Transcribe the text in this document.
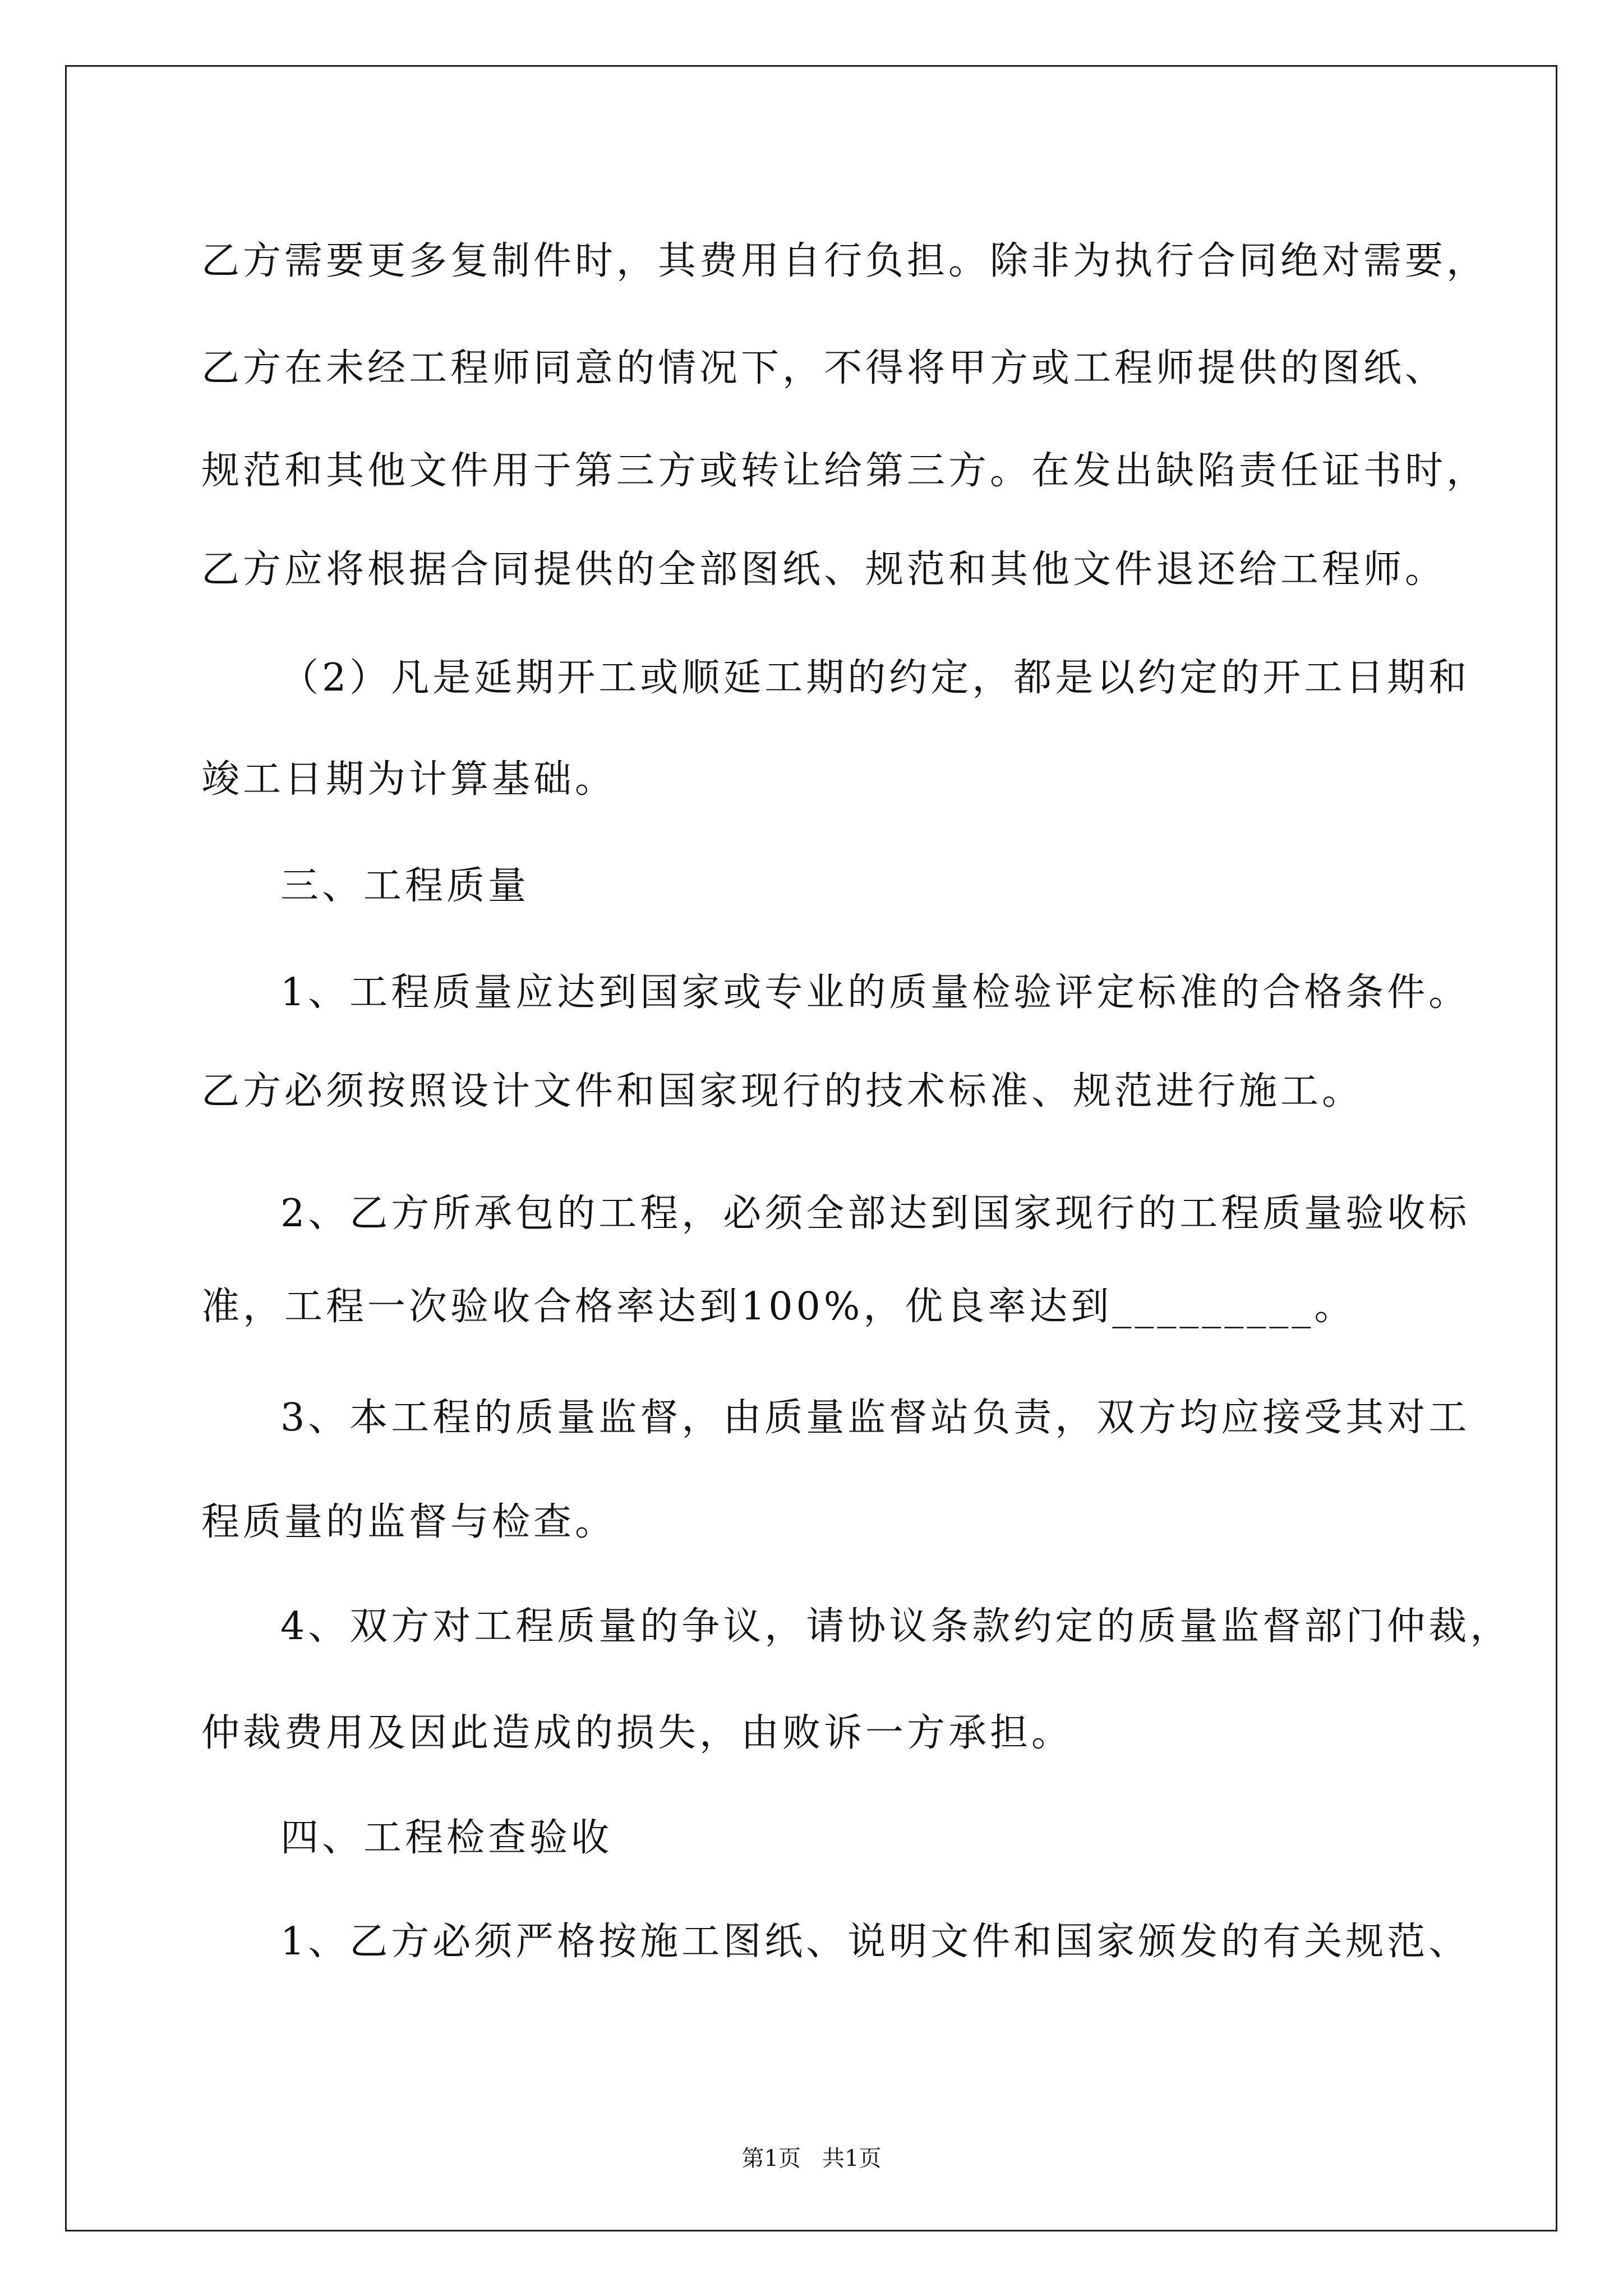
乙方需要更多复制件时，其费用自行负担。除非为执行合同绝对需要，
乙方在未经工程师同意的情况下，不得将甲方或工程师提供的图纸、
规范和其他文件用于第三方或转让给第三方。在发出缺陷责任证书时，
乙方应将根据合同提供的全部图纸、规范和其他文件退还给工程师。
（2）凡是延期开工或顺延工期的约定，都是以约定的开工日期和
竣工日期为计算基础。
三、工程质量
1、工程质量应达到国家或专业的质量检验评定标准的合格条件。
乙方必须按照设计文件和国家现行的技术标准、规范进行施工。
2、乙方所承包的工程，必须全部达到国家现行的工程质量验收标
准，工程一次验收合格率达到100%，优良率达到_________。
3、本工程的质量监督，由质量监督站负责，双方均应接受其对工
程质量的监督与检查。
4、双方对工程质量的争议，请协议条款约定的质量监督部门仲裁，
仲裁费用及因此造成的损失，由败诉一方承担。
四、工程检查验收
1、乙方必须严格按施工图纸、说明文件和国家颁发的有关规范、
第1页   共1页
